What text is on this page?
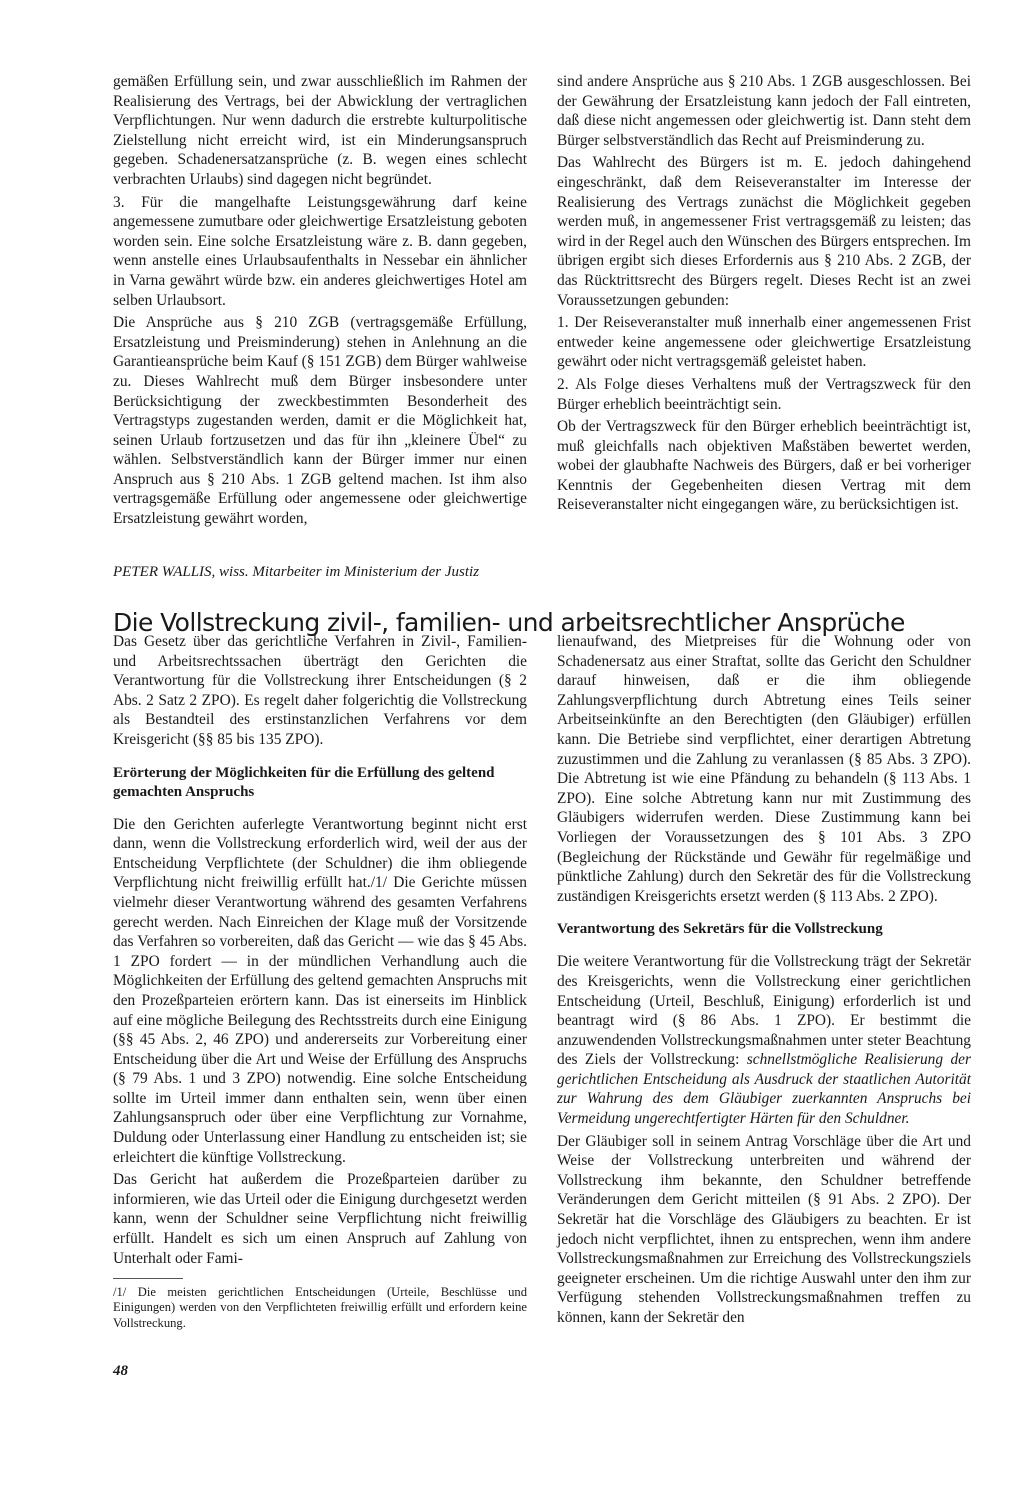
gemäßen Erfüllung sein, und zwar ausschließlich im Rahmen der Realisierung des Vertrags, bei der Abwicklung der vertraglichen Verpflichtungen. Nur wenn dadurch die erstrebte kulturpolitische Zielstellung nicht erreicht wird, ist ein Minderungsanspruch gegeben. Schadenersatzansprüche (z. B. wegen eines schlecht verbrachten Urlaubs) sind dagegen nicht begründet.

3. Für die mangelhafte Leistungsgewährung darf keine angemessene zumutbare oder gleichwertige Ersatzleistung geboten worden sein. Eine solche Ersatzleistung wäre z. B. dann gegeben, wenn anstelle eines Urlaubsaufenthalts in Nessebar ein ähnlicher in Varna gewährt würde bzw. ein anderes gleichwertiges Hotel am selben Urlaubsort.

Die Ansprüche aus § 210 ZGB (vertragsgemäße Erfüllung, Ersatzleistung und Preisminderung) stehen in Anlehnung an die Garantieansprüche beim Kauf (§ 151 ZGB) dem Bürger wahlweise zu. Dieses Wahlrecht muß dem Bürger insbesondere unter Berücksichtigung der zweckbestimmten Besonderheit des Vertragstyps zugestanden werden, damit er die Möglichkeit hat, seinen Urlaub fortzusetzen und das für ihn „kleinere Übel“ zu wählen. Selbstverständlich kann der Bürger immer nur einen Anspruch aus § 210 Abs. 1 ZGB geltend machen. Ist ihm also vertragsgemäße Erfüllung oder angemessene oder gleichwertige Ersatzleistung gewährt worden,

sind andere Ansprüche aus § 210 Abs. 1 ZGB ausgeschlossen. Bei der Gewährung der Ersatzleistung kann jedoch der Fall eintreten, daß diese nicht angemessen oder gleichwertig ist. Dann steht dem Bürger selbstverständlich das Recht auf Preisminderung zu.

Das Wahlrecht des Bürgers ist m. E. jedoch dahingehend eingeschränkt, daß dem Reiseveranstalter im Interesse der Realisierung des Vertrags zunächst die Möglichkeit gegeben werden muß, in angemessener Frist vertragsgemäß zu leisten; das wird in der Regel auch den Wünschen des Bürgers entsprechen. Im übrigen ergibt sich dieses Erfordernis aus § 210 Abs. 2 ZGB, der das Rücktrittsrecht des Bürgers regelt. Dieses Recht ist an zwei Voraussetzungen gebunden:

1. Der Reiseveranstalter muß innerhalb einer angemessenen Frist entweder keine angemessene oder gleichwertige Ersatzleistung gewährt oder nicht vertragsgemäß geleistet haben.

2. Als Folge dieses Verhaltens muß der Vertragszweck für den Bürger erheblich beeinträchtigt sein.

Ob der Vertragszweck für den Bürger erheblich beeinträchtigt ist, muß gleichfalls nach objektiven Maßstäben bewertet werden, wobei der glaubhafte Nachweis des Bürgers, daß er bei vorheriger Kenntnis der Gegebenheiten diesen Vertrag mit dem Reiseveranstalter nicht eingegangen wäre, zu berücksichtigen ist.

PETER WALLIS, wiss. Mitarbeiter im Ministerium der Justiz
Die Vollstreckung zivil-, familien- und arbeitsrechtlicher Ansprüche

Das Gesetz über das gerichtliche Verfahren in Zivil-, Familien- und Arbeitsrechtssachen überträgt den Gerichten die Verantwortung für die Vollstreckung ihrer Entscheidungen (§ 2 Abs. 2 Satz 2 ZPO). Es regelt daher folgerichtig die Vollstreckung als Bestandteil des erstinstanzlichen Verfahrens vor dem Kreisgericht (§§ 85 bis 135 ZPO).

Erörterung der Möglichkeiten für die Erfüllung des geltend gemachten Anspruchs

Die den Gerichten auferlegte Verantwortung beginnt nicht erst dann, wenn die Vollstreckung erforderlich wird, weil der aus der Entscheidung Verpflichtete (der Schuldner) die ihm obliegende Verpflichtung nicht freiwillig erfüllt hat./1/ Die Gerichte müssen vielmehr dieser Verantwortung während des gesamten Verfahrens gerecht werden. Nach Einreichen der Klage muß der Vorsitzende das Verfahren so vorbereiten, daß das Gericht — wie das § 45 Abs. 1 ZPO fordert — in der mündlichen Verhandlung auch die Möglichkeiten der Erfüllung des geltend gemachten Anspruchs mit den Prozeßparteien erörtern kann. Das ist einerseits im Hinblick auf eine mögliche Beilegung des Rechtsstreits durch eine Einigung (§§ 45 Abs. 2, 46 ZPO) und andererseits zur Vorbereitung einer Entscheidung über die Art und Weise der Erfüllung des Anspruchs (§ 79 Abs. 1 und 3 ZPO) notwendig. Eine solche Entscheidung sollte im Urteil immer dann enthalten sein, wenn über einen Zahlungsanspruch oder über eine Verpflichtung zur Vornahme, Duldung oder Unterlassung einer Handlung zu entscheiden ist; sie erleichtert die künftige Vollstreckung.

Das Gericht hat außerdem die Prozeßparteien darüber zu informieren, wie das Urteil oder die Einigung durchgesetzt werden kann, wenn der Schuldner seine Verpflichtung nicht freiwillig erfüllt. Handelt es sich um einen Anspruch auf Zahlung von Unterhalt oder Fami-

/1/ Die meisten gerichtlichen Entscheidungen (Urteile, Beschlüsse und Einigungen) werden von den Verpflichteten freiwillig erfüllt und erfordern keine Vollstreckung.

lienaufwand, des Mietpreises für die Wohnung oder von Schadenersatz aus einer Straftat, sollte das Gericht den Schuldner darauf hinweisen, daß er die ihm obliegende Zahlungsverpflichtung durch Abtretung eines Teils seiner Arbeitseinkünfte an den Berechtigten (den Gläubiger) erfüllen kann. Die Betriebe sind verpflichtet, einer derartigen Abtretung zuzustimmen und die Zahlung zu veranlassen (§ 85 Abs. 3 ZPO). Die Abtretung ist wie eine Pfändung zu behandeln (§ 113 Abs. 1 ZPO). Eine solche Abtretung kann nur mit Zustimmung des Gläubigers widerrufen werden. Diese Zustimmung kann bei Vorliegen der Voraussetzungen des § 101 Abs. 3 ZPO (Begleichung der Rückstände und Gewähr für regelmäßige und pünktliche Zahlung) durch den Sekretär des für die Vollstreckung zuständigen Kreisgerichts ersetzt werden (§ 113 Abs. 2 ZPO).

Verantwortung des Sekretärs für die Vollstreckung

Die weitere Verantwortung für die Vollstreckung trägt der Sekretär des Kreisgerichts, wenn die Vollstreckung einer gerichtlichen Entscheidung (Urteil, Beschluß, Einigung) erforderlich ist und beantragt wird (§ 86 Abs. 1 ZPO). Er bestimmt die anzuwendenden Vollstreckungsmaßnahmen unter steter Beachtung des Ziels der Vollstreckung: schnellstmögliche Realisierung der gerichtlichen Entscheidung als Ausdruck der staatlichen Autorität zur Wahrung des dem Gläubiger zuerkannten Anspruchs bei Vermeidung ungerechtfertigter Härten für den Schuldner.

Der Gläubiger soll in seinem Antrag Vorschläge über die Art und Weise der Vollstreckung unterbreiten und während der Vollstreckung ihm bekannte, den Schuldner betreffende Veränderungen dem Gericht mitteilen (§ 91 Abs. 2 ZPO). Der Sekretär hat die Vorschläge des Gläubigers zu beachten. Er ist jedoch nicht verpflichtet, ihnen zu entsprechen, wenn ihm andere Vollstreckungsmaßnahmen zur Erreichung des Vollstreckungsziels geeigneter erscheinen. Um die richtige Auswahl unter den ihm zur Verfügung stehenden Vollstreckungsmaßnahmen treffen zu können, kann der Sekretär den

48
